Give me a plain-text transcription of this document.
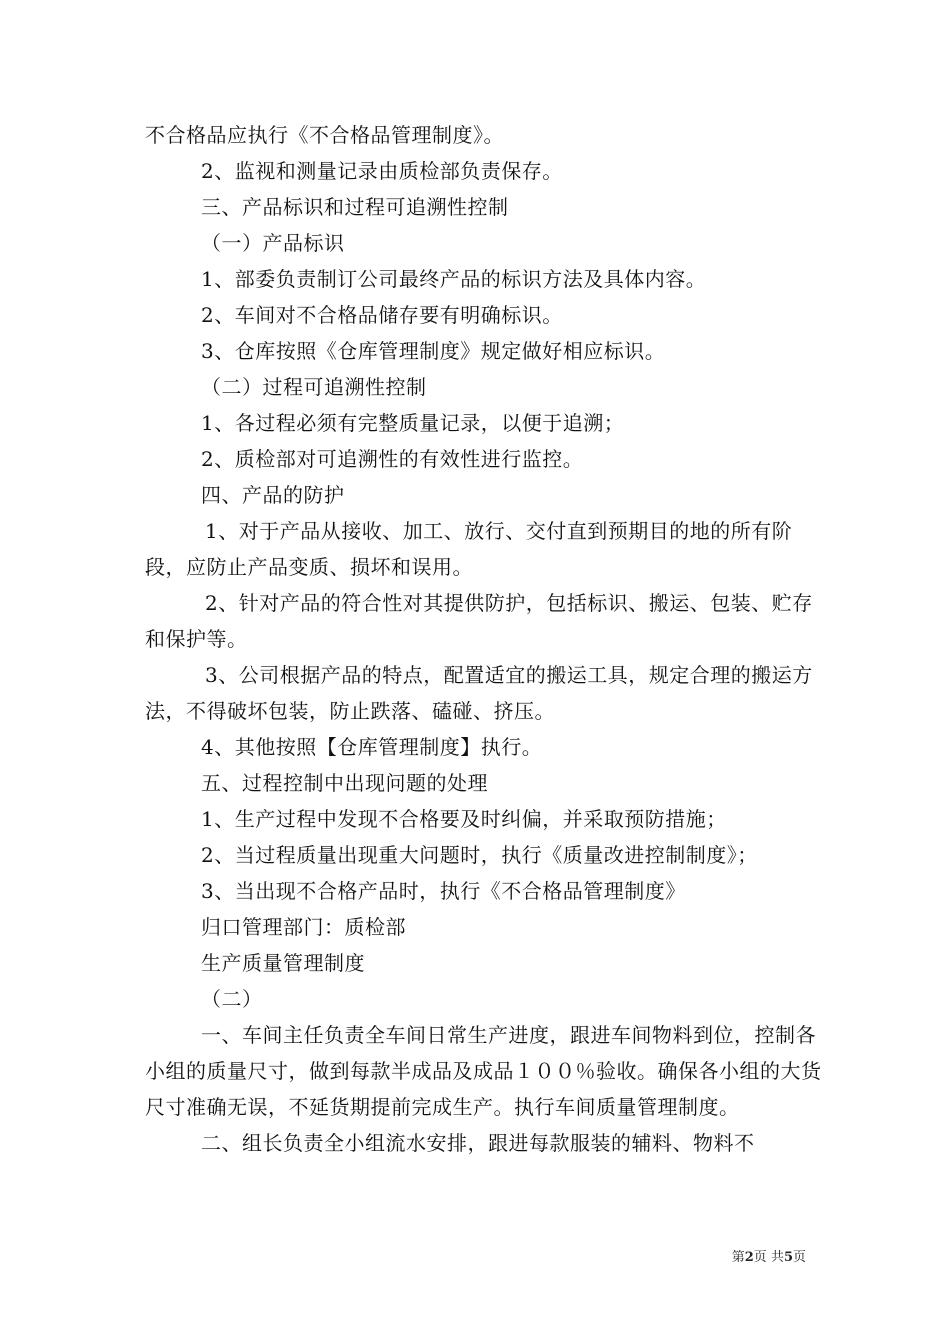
不合格品应执行《不合格品管理制度》。

2、监视和测量记录由质检部负责保存。

三、产品标识和过程可追溯性控制

（一）产品标识

1、部委负责制订公司最终产品的标识方法及具体内容。

2、车间对不合格品储存要有明确标识。

3、仓库按照《仓库管理制度》规定做好相应标识。

（二）过程可追溯性控制

1、各过程必须有完整质量记录，以便于追溯；

2、质检部对可追溯性的有效性进行监控。

四、产品的防护

1、对于产品从接收、加工、放行、交付直到预期目的地的所有阶段，应防止产品变质、损坏和误用。

2、针对产品的符合性对其提供防护，包括标识、搬运、包装、贮存和保护等。

3、公司根据产品的特点，配置适宜的搬运工具，规定合理的搬运方法，不得破坏包装，防止跌落、磕碰、挤压。

4、其他按照【仓库管理制度】执行。

五、过程控制中出现问题的处理

1、生产过程中发现不合格要及时纠偏，并采取预防措施；

2、当过程质量出现重大问题时，执行《质量改进控制制度》；

3、当出现不合格产品时，执行《不合格品管理制度》

归口管理部门：质检部

生产质量管理制度

（二）

一、车间主任负责全车间日常生产进度，跟进车间物料到位，控制各小组的质量尺寸，做到每款半成品及成品１００％验收。确保各小组的大货尺寸准确无误，不延货期提前完成生产。执行车间质量管理制度。

二、组长负责全小组流水安排，跟进每款服装的辅料、物料不

第2页 共5页
